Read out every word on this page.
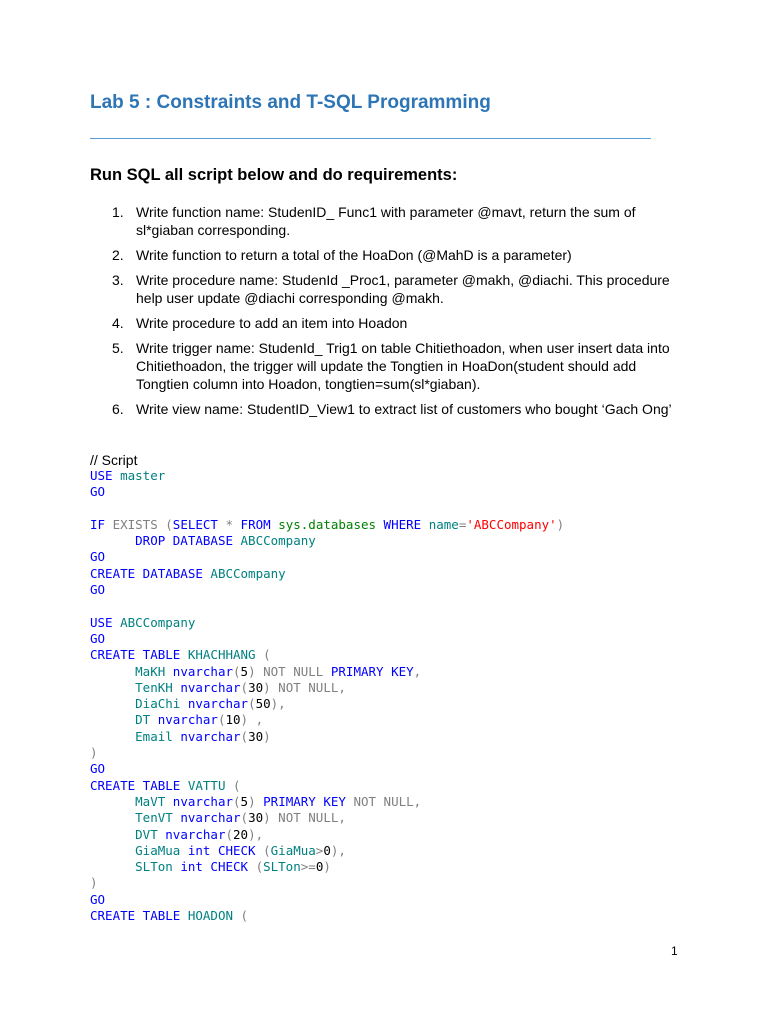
Lab 5 : Constraints and T-SQL Programming
Run SQL all script below and do requirements:
1. Write function name: StudenID_ Func1 with parameter @mavt, return the sum of sl*giaban corresponding.
2. Write function to return a total of the HoaDon (@MahD is a parameter)
3. Write procedure name: StudenId _Proc1, parameter @makh, @diachi. This procedure help user update @diachi corresponding @makh.
4. Write procedure to add an item into Hoadon
5. Write trigger name: StudenId_ Trig1 on table Chitiethoadon, when user insert data into Chitiethoadon, the trigger will update the Tongtien in HoaDon(student should add Tongtien column into Hoadon, tongtien=sum(sl*giaban).
6. Write view name: StudentID_View1 to extract list of customers who bought ‘Gach Ong’
// Script
USE master
GO
IF EXISTS (SELECT * FROM sys.databases WHERE name='ABCCompany')
DROP DATABASE ABCCompany
GO
CREATE DATABASE ABCCompany
GO
USE ABCCompany
GO
CREATE TABLE KHACHHANG (
MaKH nvarchar(5) NOT NULL PRIMARY KEY,
TenKH nvarchar(30) NOT NULL,
DiaChi nvarchar(50),
DT nvarchar(10) ,
Email nvarchar(30)
)
GO
CREATE TABLE VATTU (
MaVT nvarchar(5) PRIMARY KEY NOT NULL,
TenVT nvarchar(30) NOT NULL,
DVT nvarchar(20),
GiaMua int CHECK (GiaMua>0),
SLTon int CHECK (SLTon>=0)
)
GO
CREATE TABLE HOADON (
1
